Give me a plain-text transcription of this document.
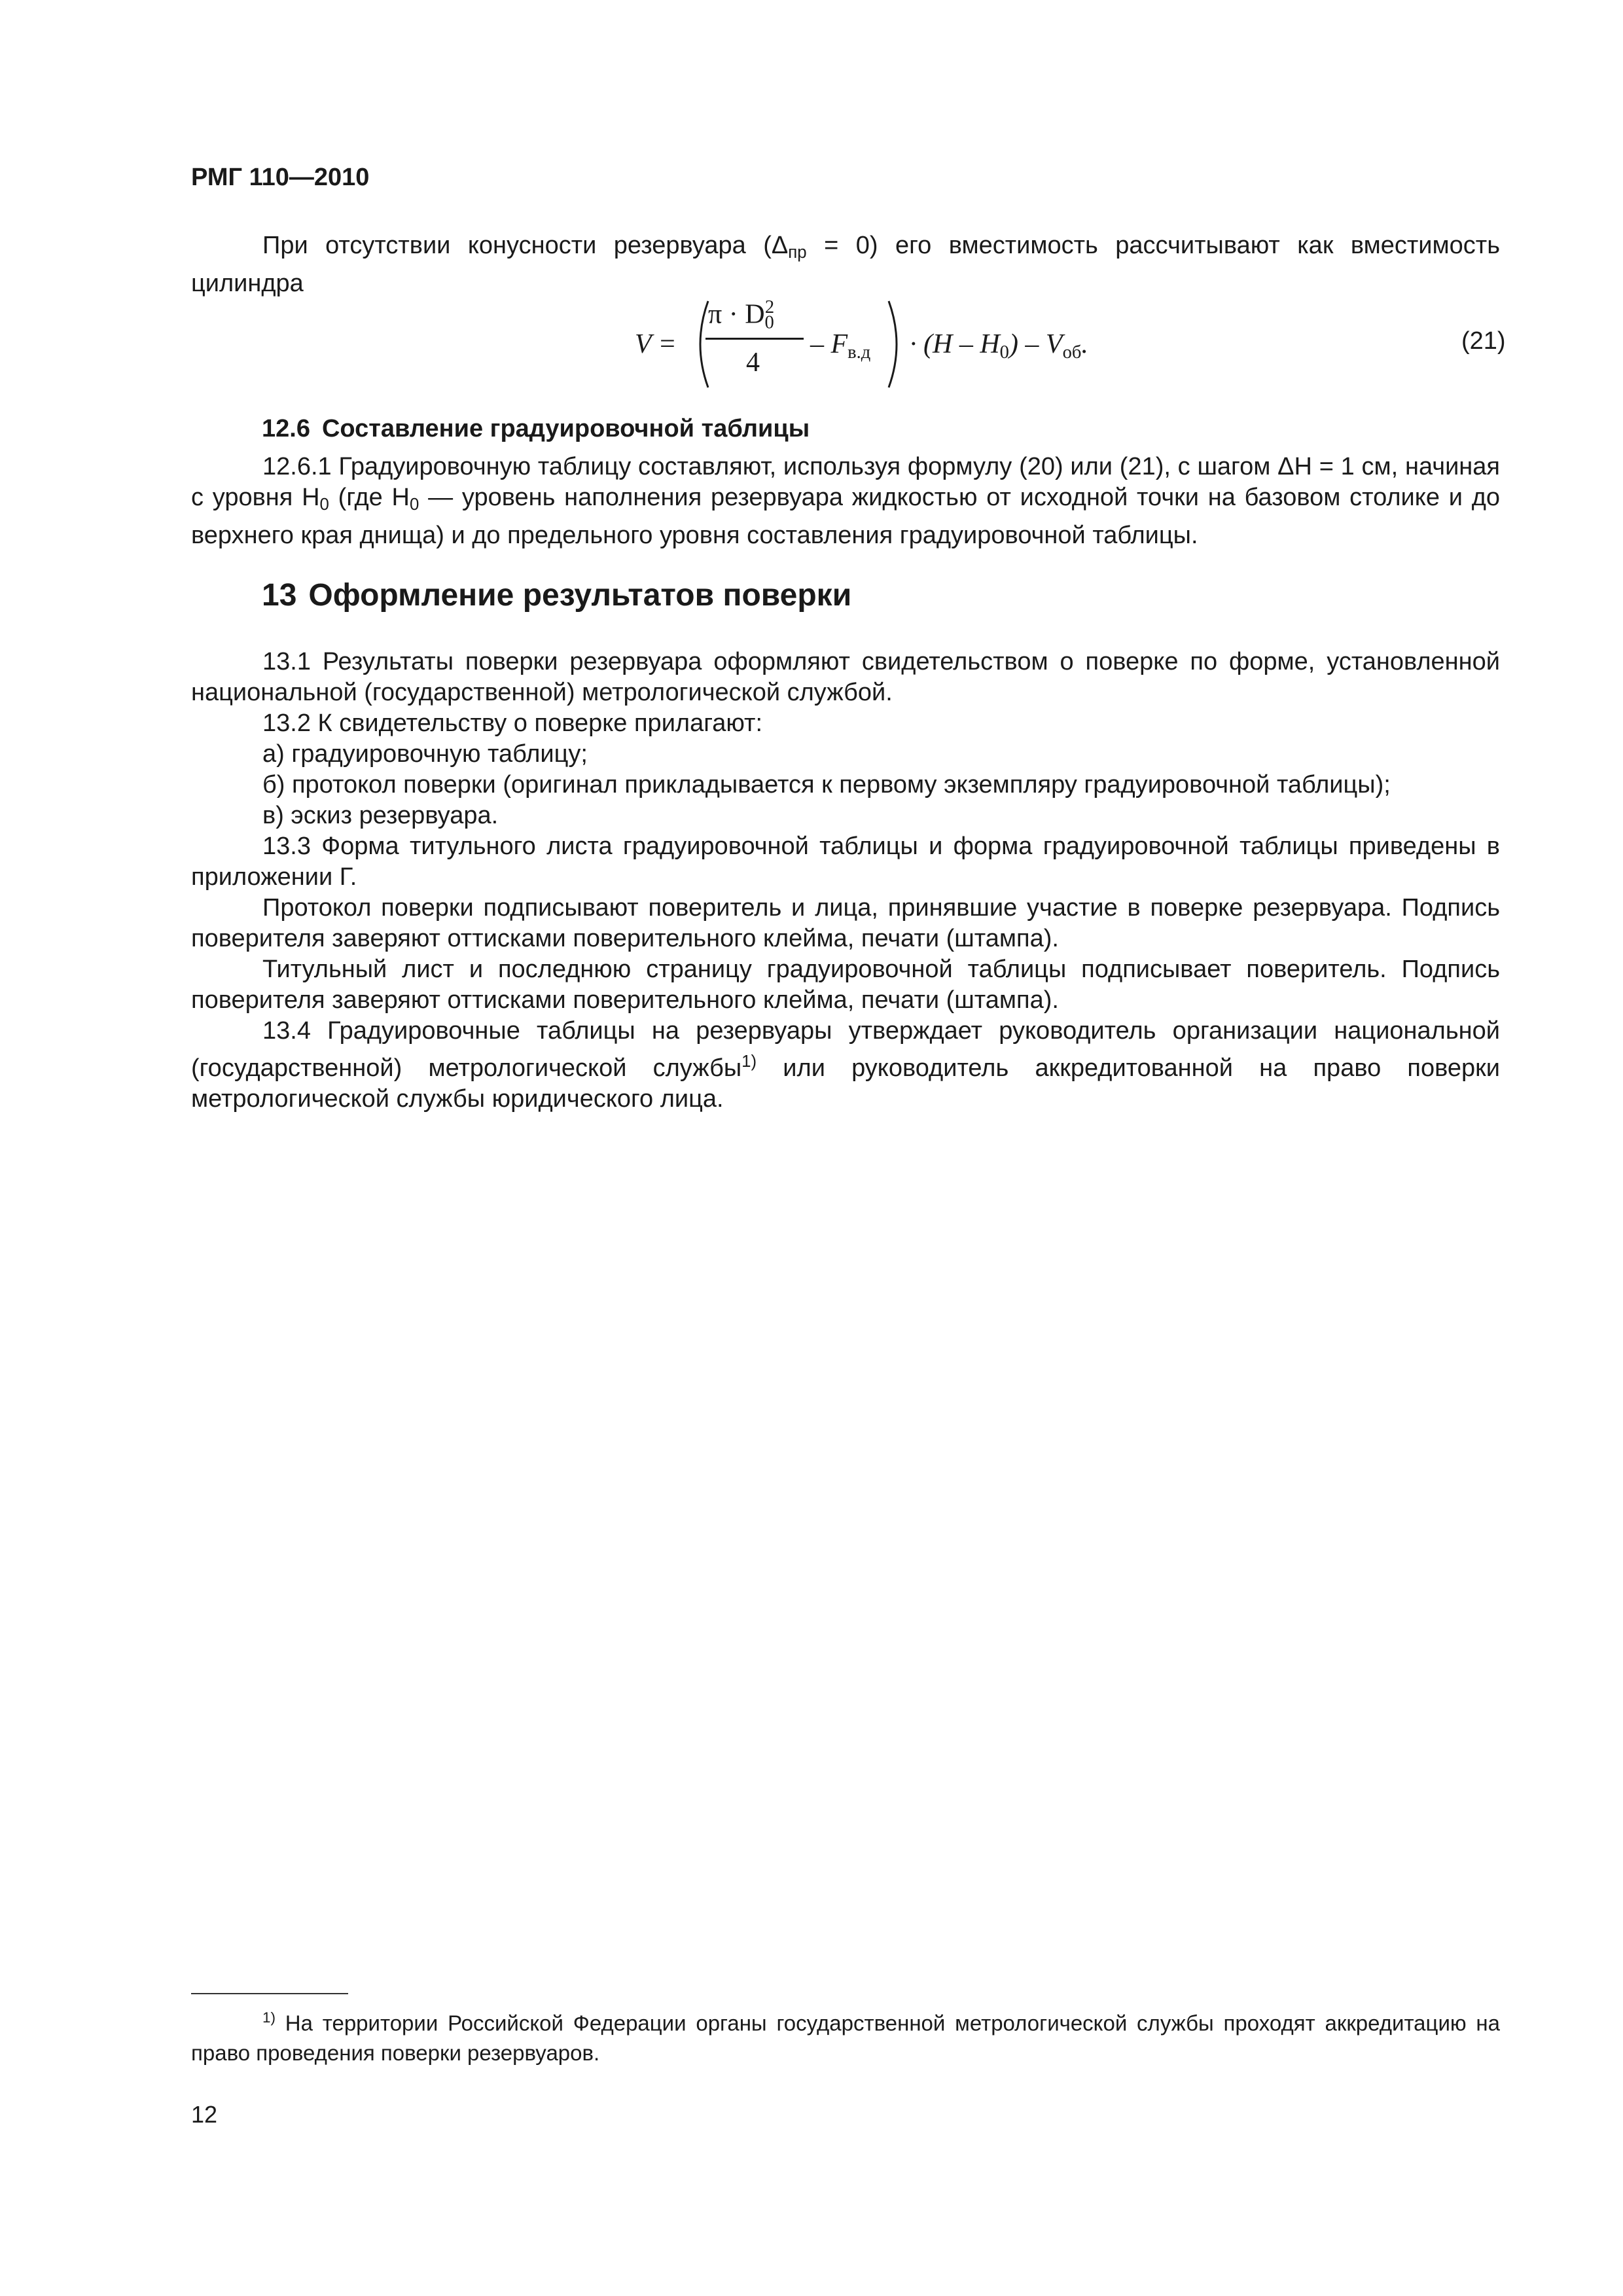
РМГ 110—2010

При отсутствии конусности резервуара $(\Delta_{пр} = 0)$ его вместимость рассчитывают как вместимость цилиндра

V =
$\pi \cdot D_0^2$
4
– $F_{в.д} \cdot (H - H_0) - V_{об}$.	(21)
12.6 Составление градуировочной таблицы

12.6.1 Градуировочную таблицу составляют, используя формулу (20) или (21), с шагом ΔH = 1 см, начиная с уровня $H_0$ (где $H_0$ — уровень наполнения резервуара жидкостью от исходной точки на базовом столике и до верхнего края днища) и до предельного уровня составления градуировочной таблицы.

13 Оформление результатов поверки

13.1 Результаты поверки резервуара оформляют свидетельством о поверке по форме, установленной национальной (государственной) метрологической службой.

13.2 К свидетельству о поверке прилагают:

а) градуировочную таблицу;
б) протокол поверки (оригинал прикладывается к первому экземпляру градуировочной таблицы);
в) эскиз резервуара.

13.3 Форма титульного листа градуировочной таблицы и форма градуировочной таблицы приведены в приложении Г.

Протокол поверки подписывают поверитель и лица, принявшие участие в поверке резервуара. Подпись поверителя заверяют оттисками поверительного клейма, печати (штампа).

Титульный лист и последнюю страницу градуировочной таблицы подписывает поверитель. Подпись поверителя заверяют оттисками поверительного клейма, печати (штампа).

13.4 Градуировочные таблицы на резервуары утверждает руководитель организации национальной (государственной) метрологической службы$^{1)}$ или руководитель аккредитованной на право поверки метрологической службы юридического лица.

$^{1)}$ На территории Российской Федерации органы государственной метрологической службы проходят аккредитацию на право проведения поверки резервуаров.
12
